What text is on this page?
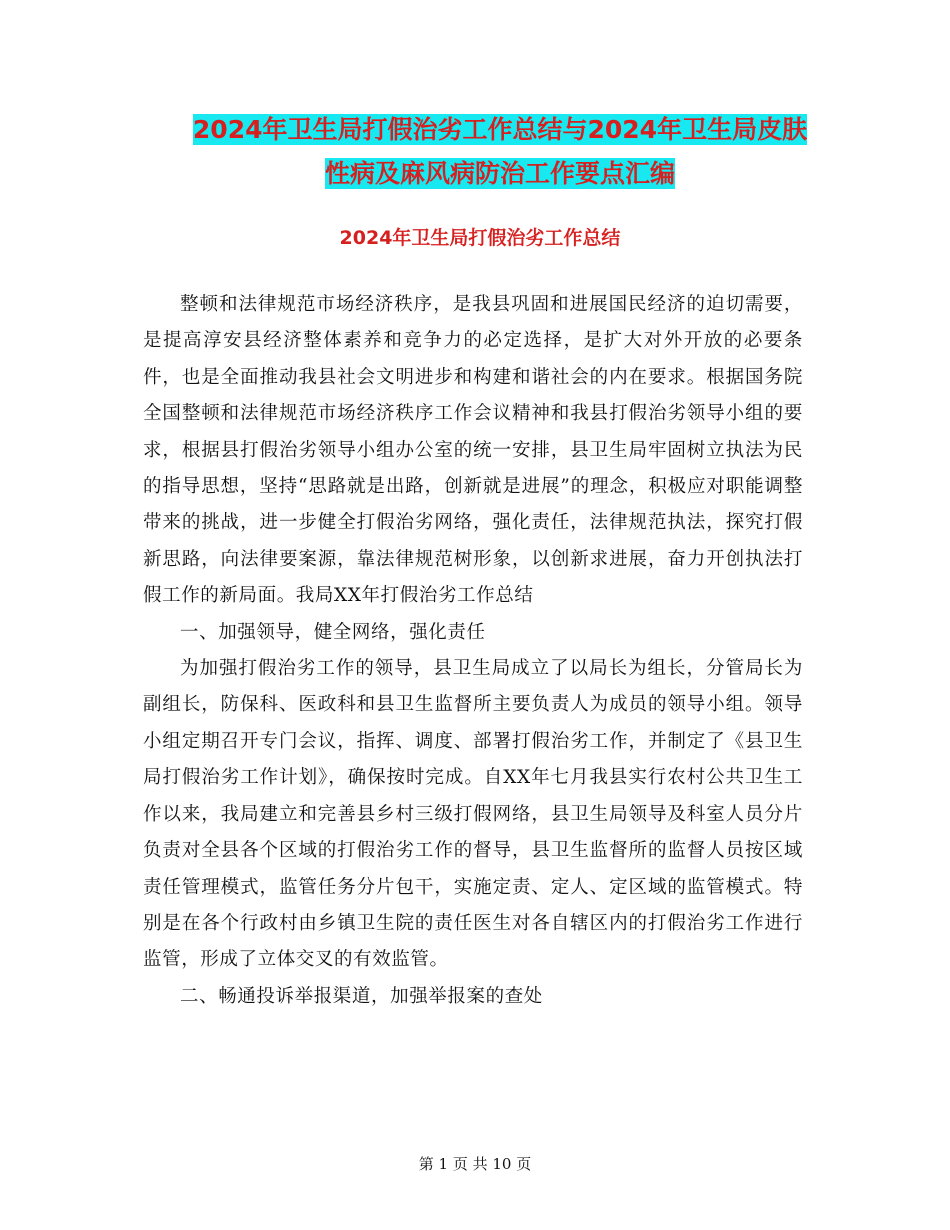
2024年卫生局打假治劣工作总结与2024年卫生局皮肤
性病及麻风病防治工作要点汇编
2024年卫生局打假治劣工作总结

整顿和法律规范市场经济秩序，是我县巩固和进展国民经济的迫切需要，是提高淳安县经济整体素养和竞争力的必定选择，是扩大对外开放的必要条件，也是全面推动我县社会文明进步和构建和谐社会的内在要求。根据国务院全国整顿和法律规范市场经济秩序工作会议精神和我县打假治劣领导小组的要求，根据县打假治劣领导小组办公室的统一安排，县卫生局牢固树立执法为民的指导思想，坚持“思路就是出路，创新就是进展”的理念，积极应对职能调整带来的挑战，进一步健全打假治劣网络，强化责任，法律规范执法，探究打假新思路，向法律要案源，靠法律规范树形象，以创新求进展，奋力开创执法打假工作的新局面。我局XX年打假治劣工作总结

一、加强领导，健全网络，强化责任

为加强打假治劣工作的领导，县卫生局成立了以局长为组长，分管局长为副组长，防保科、医政科和县卫生监督所主要负责人为成员的领导小组。领导小组定期召开专门会议，指挥、调度、部署打假治劣工作，并制定了《县卫生局打假治劣工作计划》，确保按时完成。自XX年七月我县实行农村公共卫生工作以来，我局建立和完善县乡村三级打假网络，县卫生局领导及科室人员分片负责对全县各个区域的打假治劣工作的督导，县卫生监督所的监督人员按区域责任管理模式，监管任务分片包干，实施定责、定人、定区域的监管模式。特别是在各个行政村由乡镇卫生院的责任医生对各自辖区内的打假治劣工作进行监管，形成了立体交叉的有效监管。

二、畅通投诉举报渠道，加强举报案的查处

第 1 页 共 10 页
